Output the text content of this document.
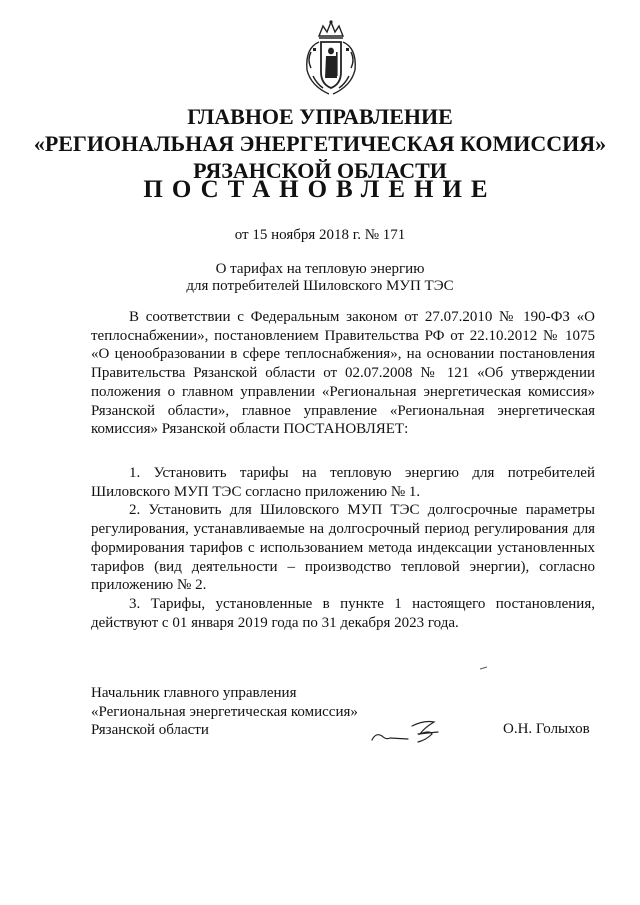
ГЛАВНОЕ УПРАВЛЕНИЕ
«РЕГИОНАЛЬНАЯ ЭНЕРГЕТИЧЕСКАЯ КОМИССИЯ»
РЯЗАНСКОЙ ОБЛАСТИ
ПОСТАНОВЛЕНИЕ
от 15 ноября 2018 г. № 171
О тарифах на тепловую энергию
для потребителей Шиловского МУП ТЭС

В соответствии с Федеральным законом от 27.07.2010 № 190-ФЗ «О теплоснабжении», постановлением Правительства РФ от 22.10.2012 № 1075 «О ценообразовании в сфере теплоснабжения», на основании постановления Правительства Рязанской области от 02.07.2008 № 121 «Об утверждении положения о главном управлении «Региональная энергетическая комиссия» Рязанской области», главное управление «Региональная энергетическая комиссия» Рязанской области ПОСТАНОВЛЯЕТ:

1. Установить тарифы на тепловую энергию для потребителей Шиловского МУП ТЭС согласно приложению № 1.

2. Установить для Шиловского МУП ТЭС долгосрочные параметры регулирования, устанавливаемые на долгосрочный период регулирования для формирования тарифов с использованием метода индексации установленных тарифов (вид деятельности – производство тепловой энергии), согласно приложению № 2.

3. Тарифы, установленные в пункте 1 настоящего постановления, действуют с 01 января 2019 года по 31 декабря 2023 года.

Начальник главного управления
«Региональная энергетическая комиссия»
Рязанской области	О.Н. Голыхов
